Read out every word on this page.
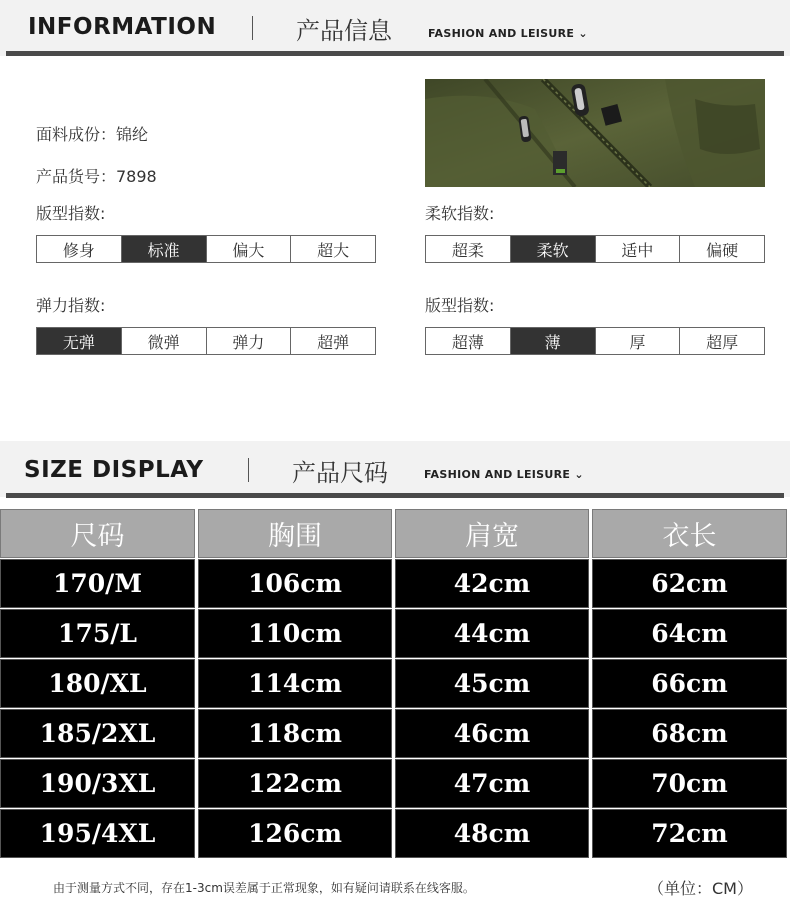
INFORMATION	产品信息	FASHION AND LEISURE ⌄
面料成份：锦纶
产品货号：7898
版型指数:
修身	标准	偏大	超大
柔软指数:
超柔	柔软	适中	偏硬
弹力指数:
无弹	微弹	弹力	超弹
版型指数:
超薄	薄	厚	超厚
SIZE DISPLAY	产品尺码	FASHION AND LEISURE ⌄
尺码	胸围	肩宽	衣长
170/M	106cm	42cm	62cm
175/L	110cm	44cm	64cm
180/XL	114cm	45cm	66cm
185/2XL	118cm	46cm	68cm
190/3XL	122cm	47cm	70cm
195/4XL	126cm	48cm	72cm
由于测量方式不同，存在1-3cm误差属于正常现象，如有疑问请联系在线客服。	（单位：CM）
